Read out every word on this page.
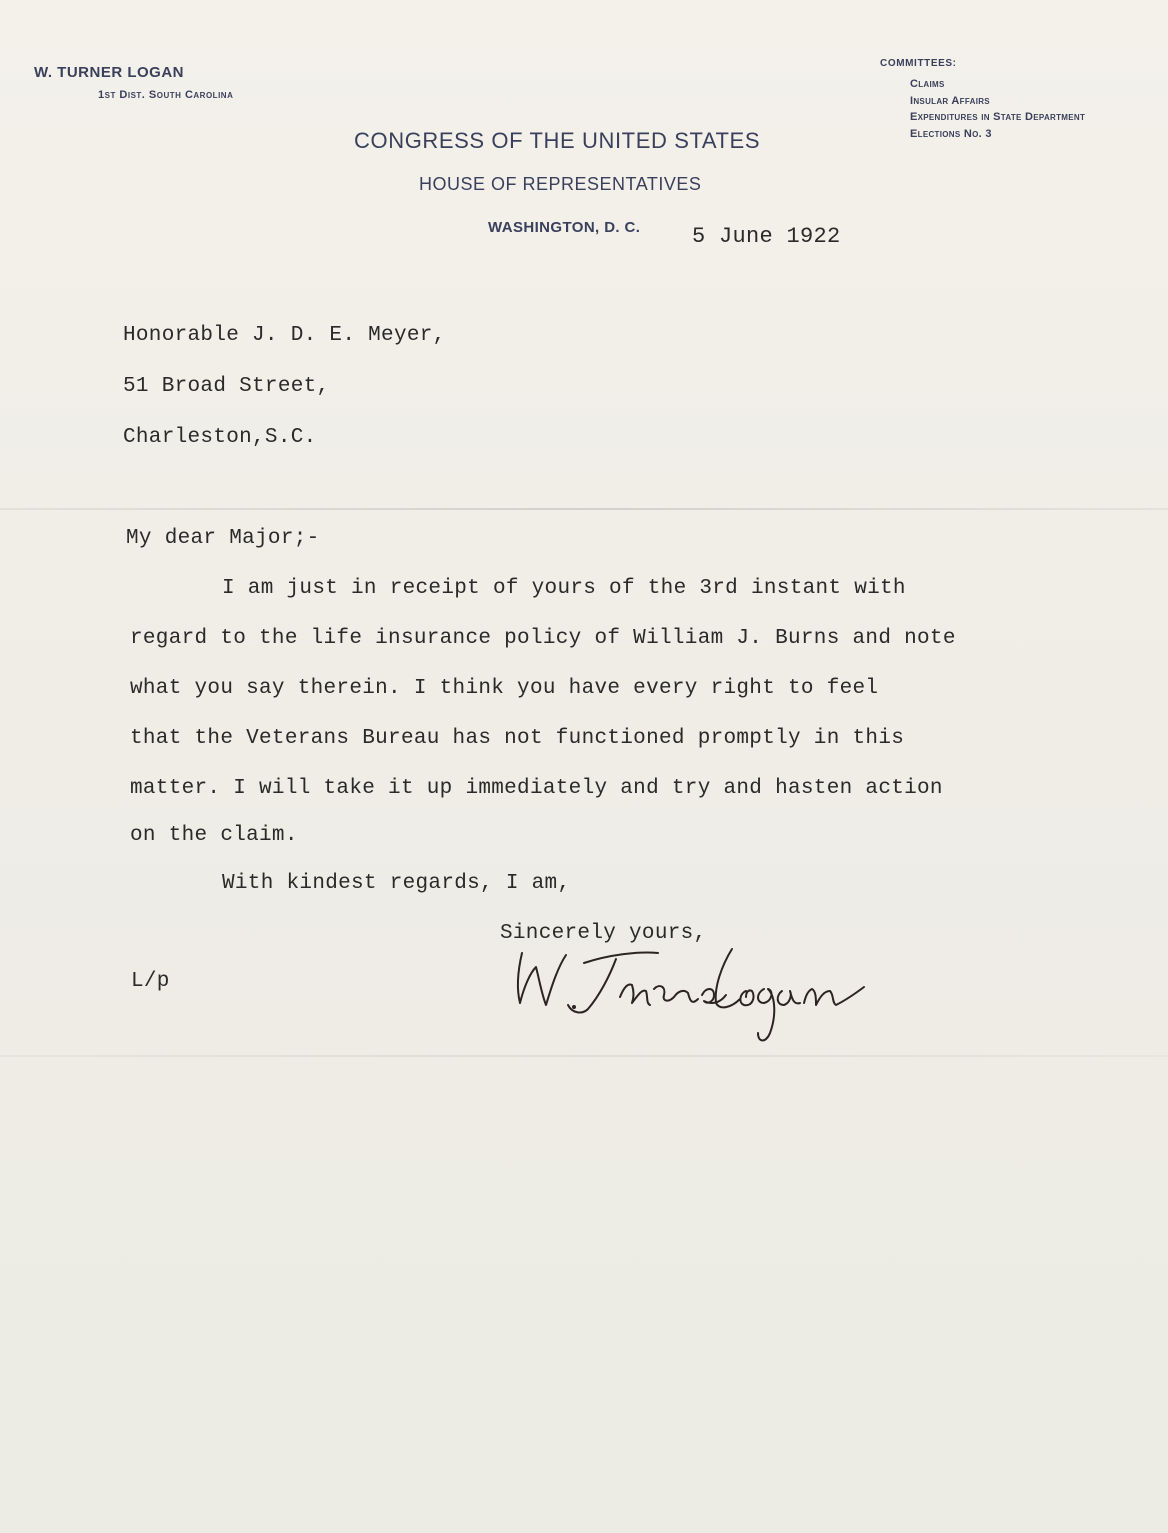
W. TURNER LOGAN
1st Dist. South Carolina
CONGRESS OF THE UNITED STATES
HOUSE OF REPRESENTATIVES
WASHINGTON, D. C.
COMMITTEES:
Claims
Insular Affairs
Expenditures in State Department
Elections No. 3
5 June 1922
Honorable J. D. E. Meyer,
51 Broad Street,
Charleston,S.C.
My dear Major;-
I am just in receipt of yours of the 3rd instant with
regard to the life insurance policy of William J. Burns and note
what you say therein. I think you have every right to feel
that the Veterans Bureau has not functioned promptly in this
matter. I will take it up immediately and try and hasten action
on the claim.
With kindest regards, I am,
Sincerely yours,
L/p
